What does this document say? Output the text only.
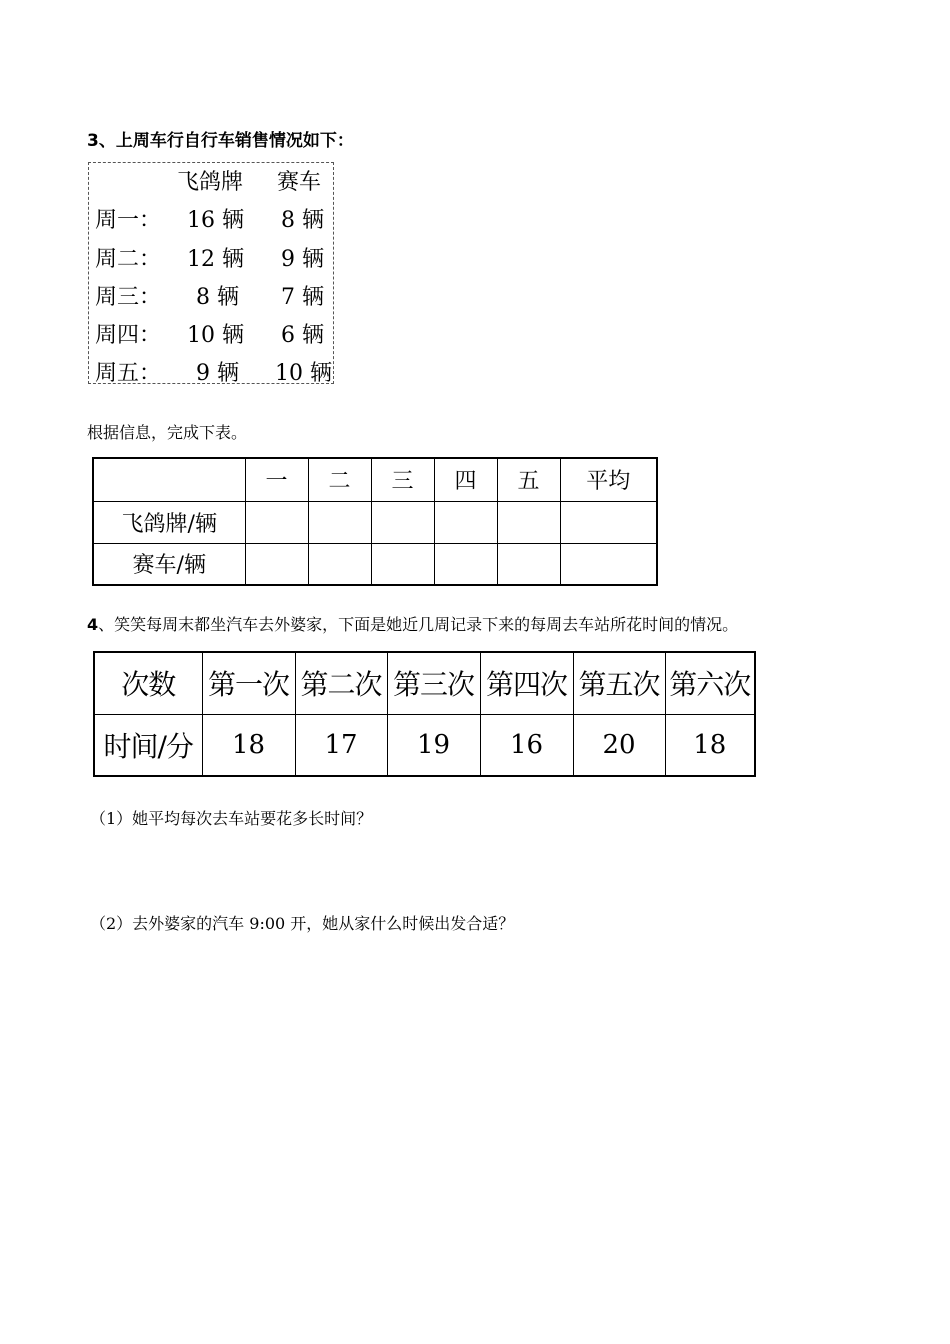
3、上周车行自行车销售情况如下：
飞鸽牌 赛车
周一： 16 辆 8 辆
周二： 12 辆 9 辆
周三： 8 辆 7 辆
周四： 10 辆 6 辆
周五： 9 辆 10 辆
根据信息，完成下表。
	一	二	三	四	五	平均
飞鸽牌/辆						
赛车/辆						
4、笑笑每周末都坐汽车去外婆家，下面是她近几周记录下来的每周去车站所花时间的情况。
次数	第一次	第二次	第三次	第四次	第五次	第六次
时间/分	18	17	19	16	20	18
（1）她平均每次去车站要花多长时间？
（2）去外婆家的汽车 9:00 开，她从家什么时候出发合适？
